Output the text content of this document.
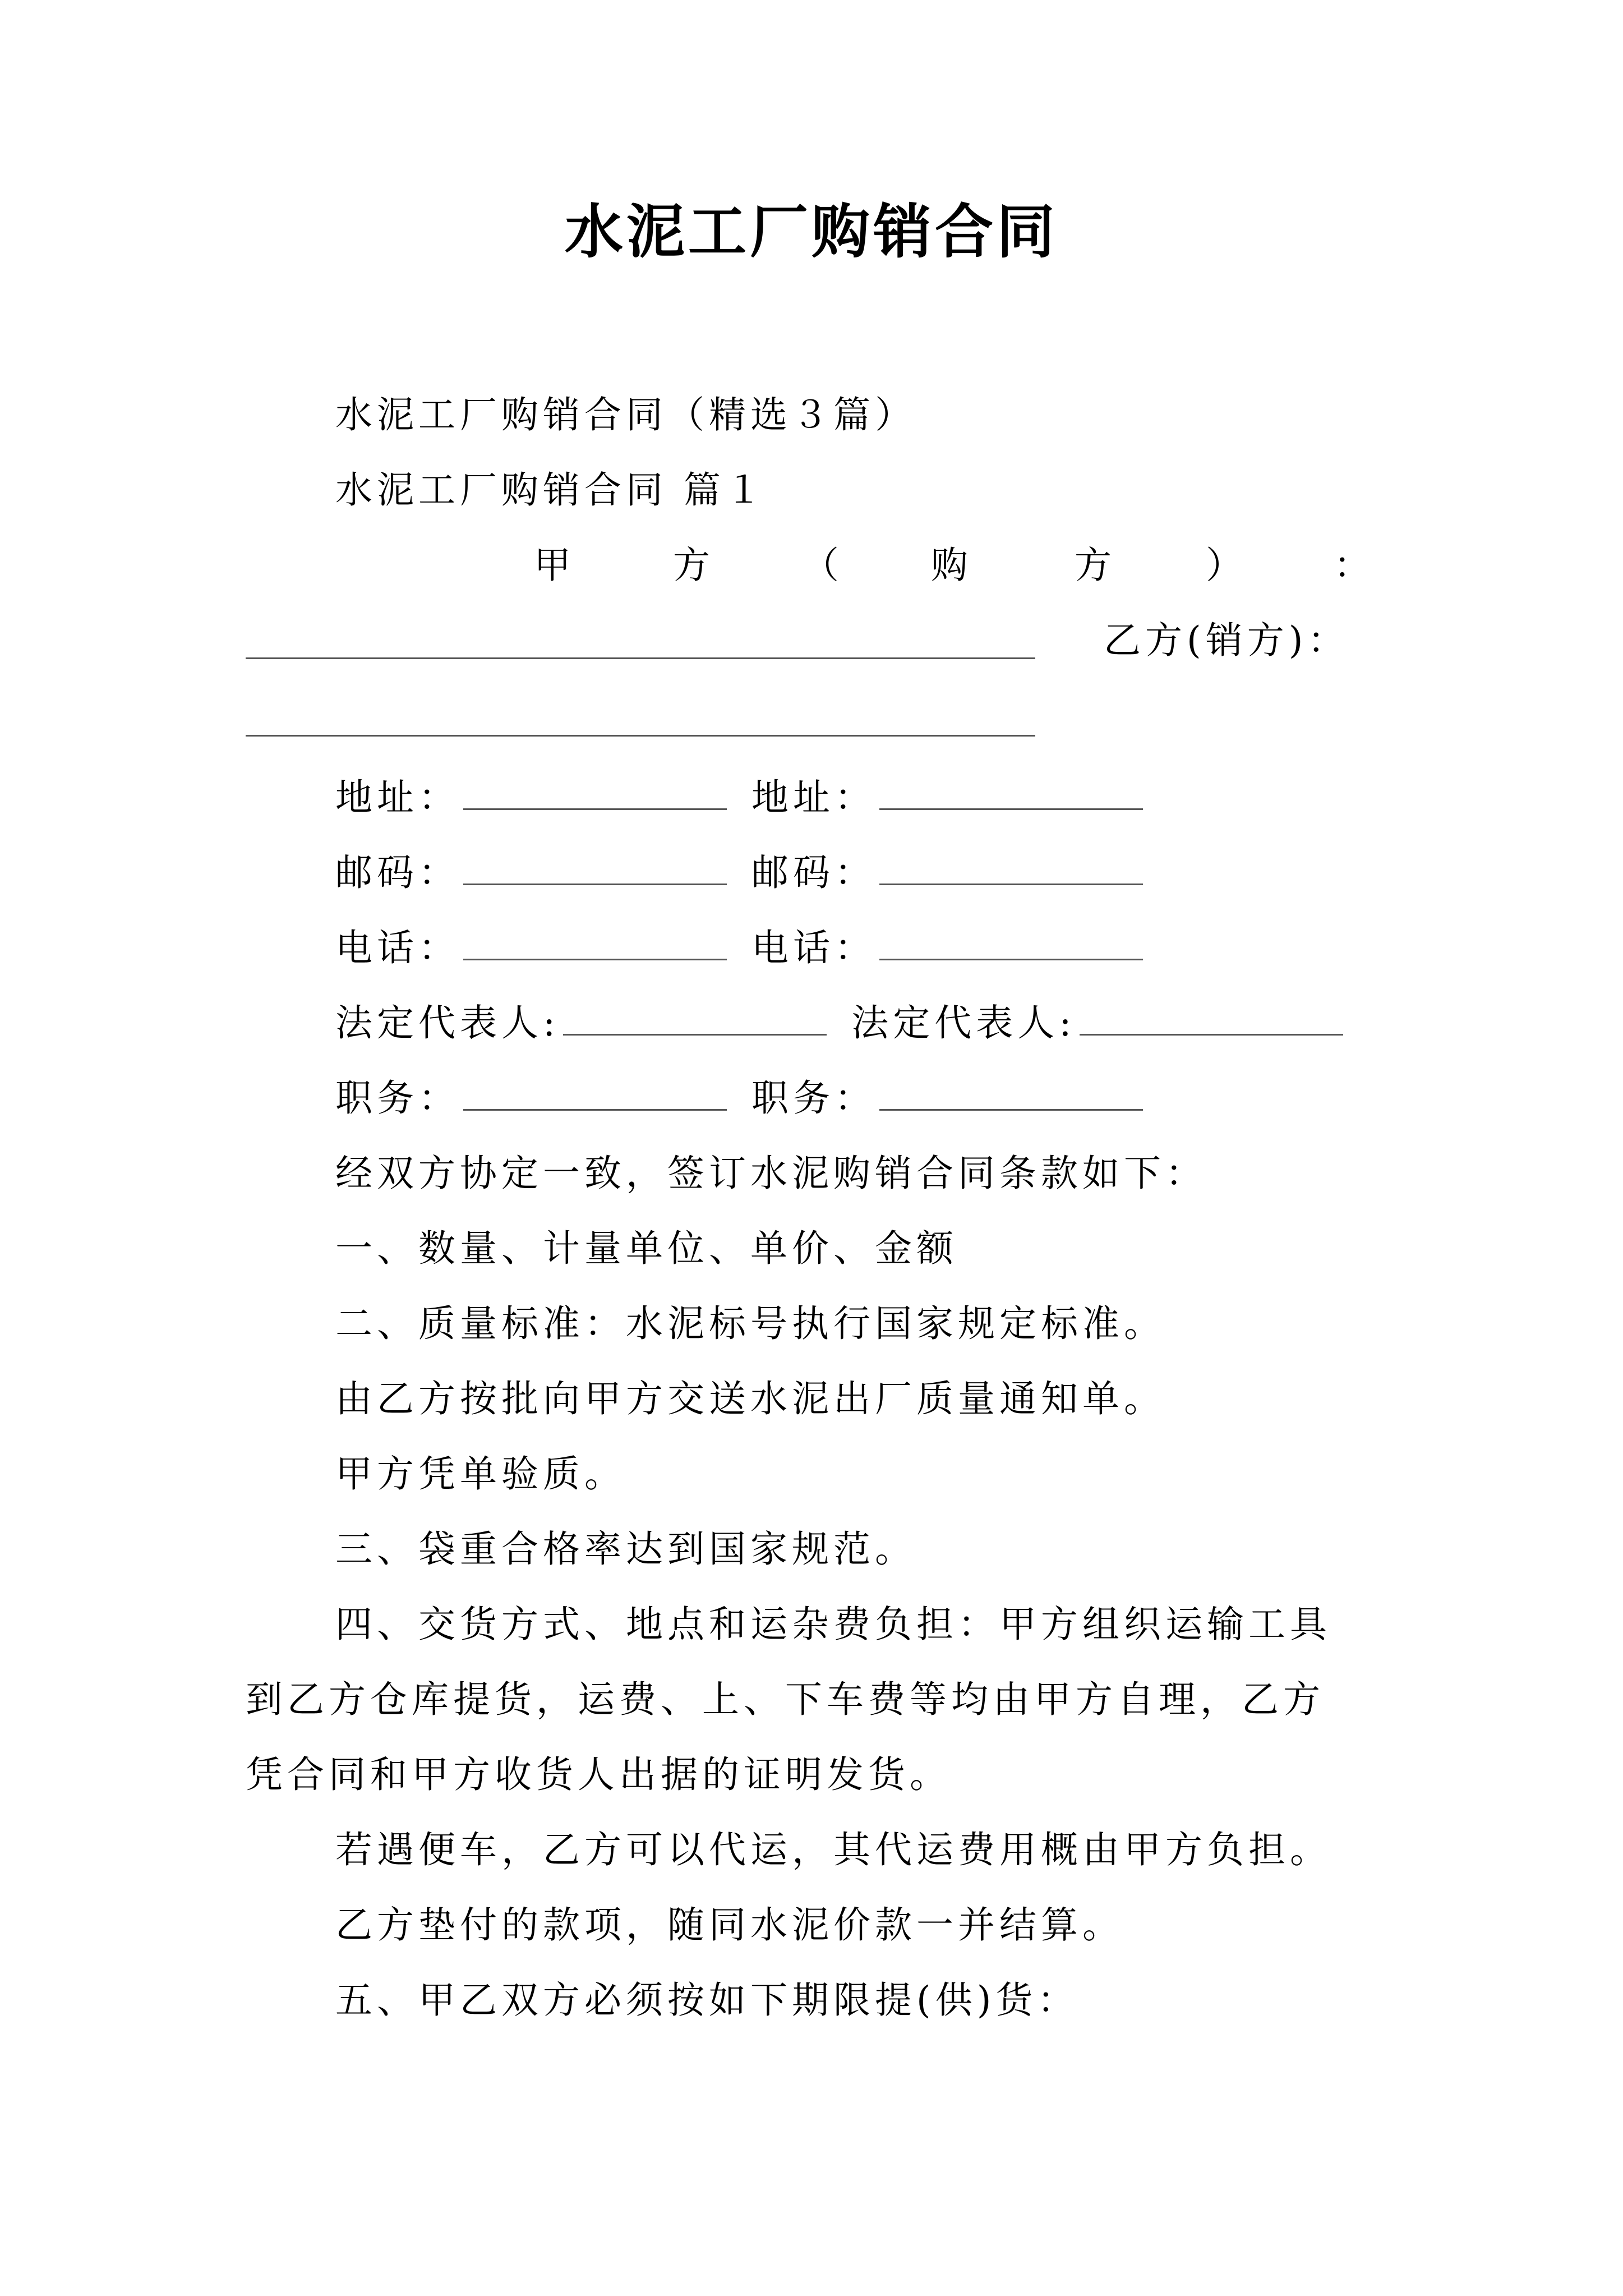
水泥工厂购销合同
水泥工厂购销合同（精选３篇）
水泥工厂购销合同 篇１
甲	方 （ 购	方	） ：
乙方(销方)：
地址：	地址：
邮码：	邮码：
电话：	电话：
法定代表人:	法定代表人:
职务：	职务：
经双方协定一致，签订水泥购销合同条款如下：
一、数量、计量单位、单价、金额
二、质量标准：水泥标号执行国家规定标准。
由乙方按批向甲方交送水泥出厂质量通知单。
甲方凭单验质。
三、袋重合格率达到国家规范。
四、交货方式、地点和运杂费负担：甲方组织运输工具
到乙方仓库提货，运费、上、下车费等均由甲方自理，乙方
凭合同和甲方收货人出据的证明发货。
若遇便车，乙方可以代运，其代运费用概由甲方负担。
乙方垫付的款项，随同水泥价款一并结算。
五、甲乙双方必须按如下期限提(供)货：
